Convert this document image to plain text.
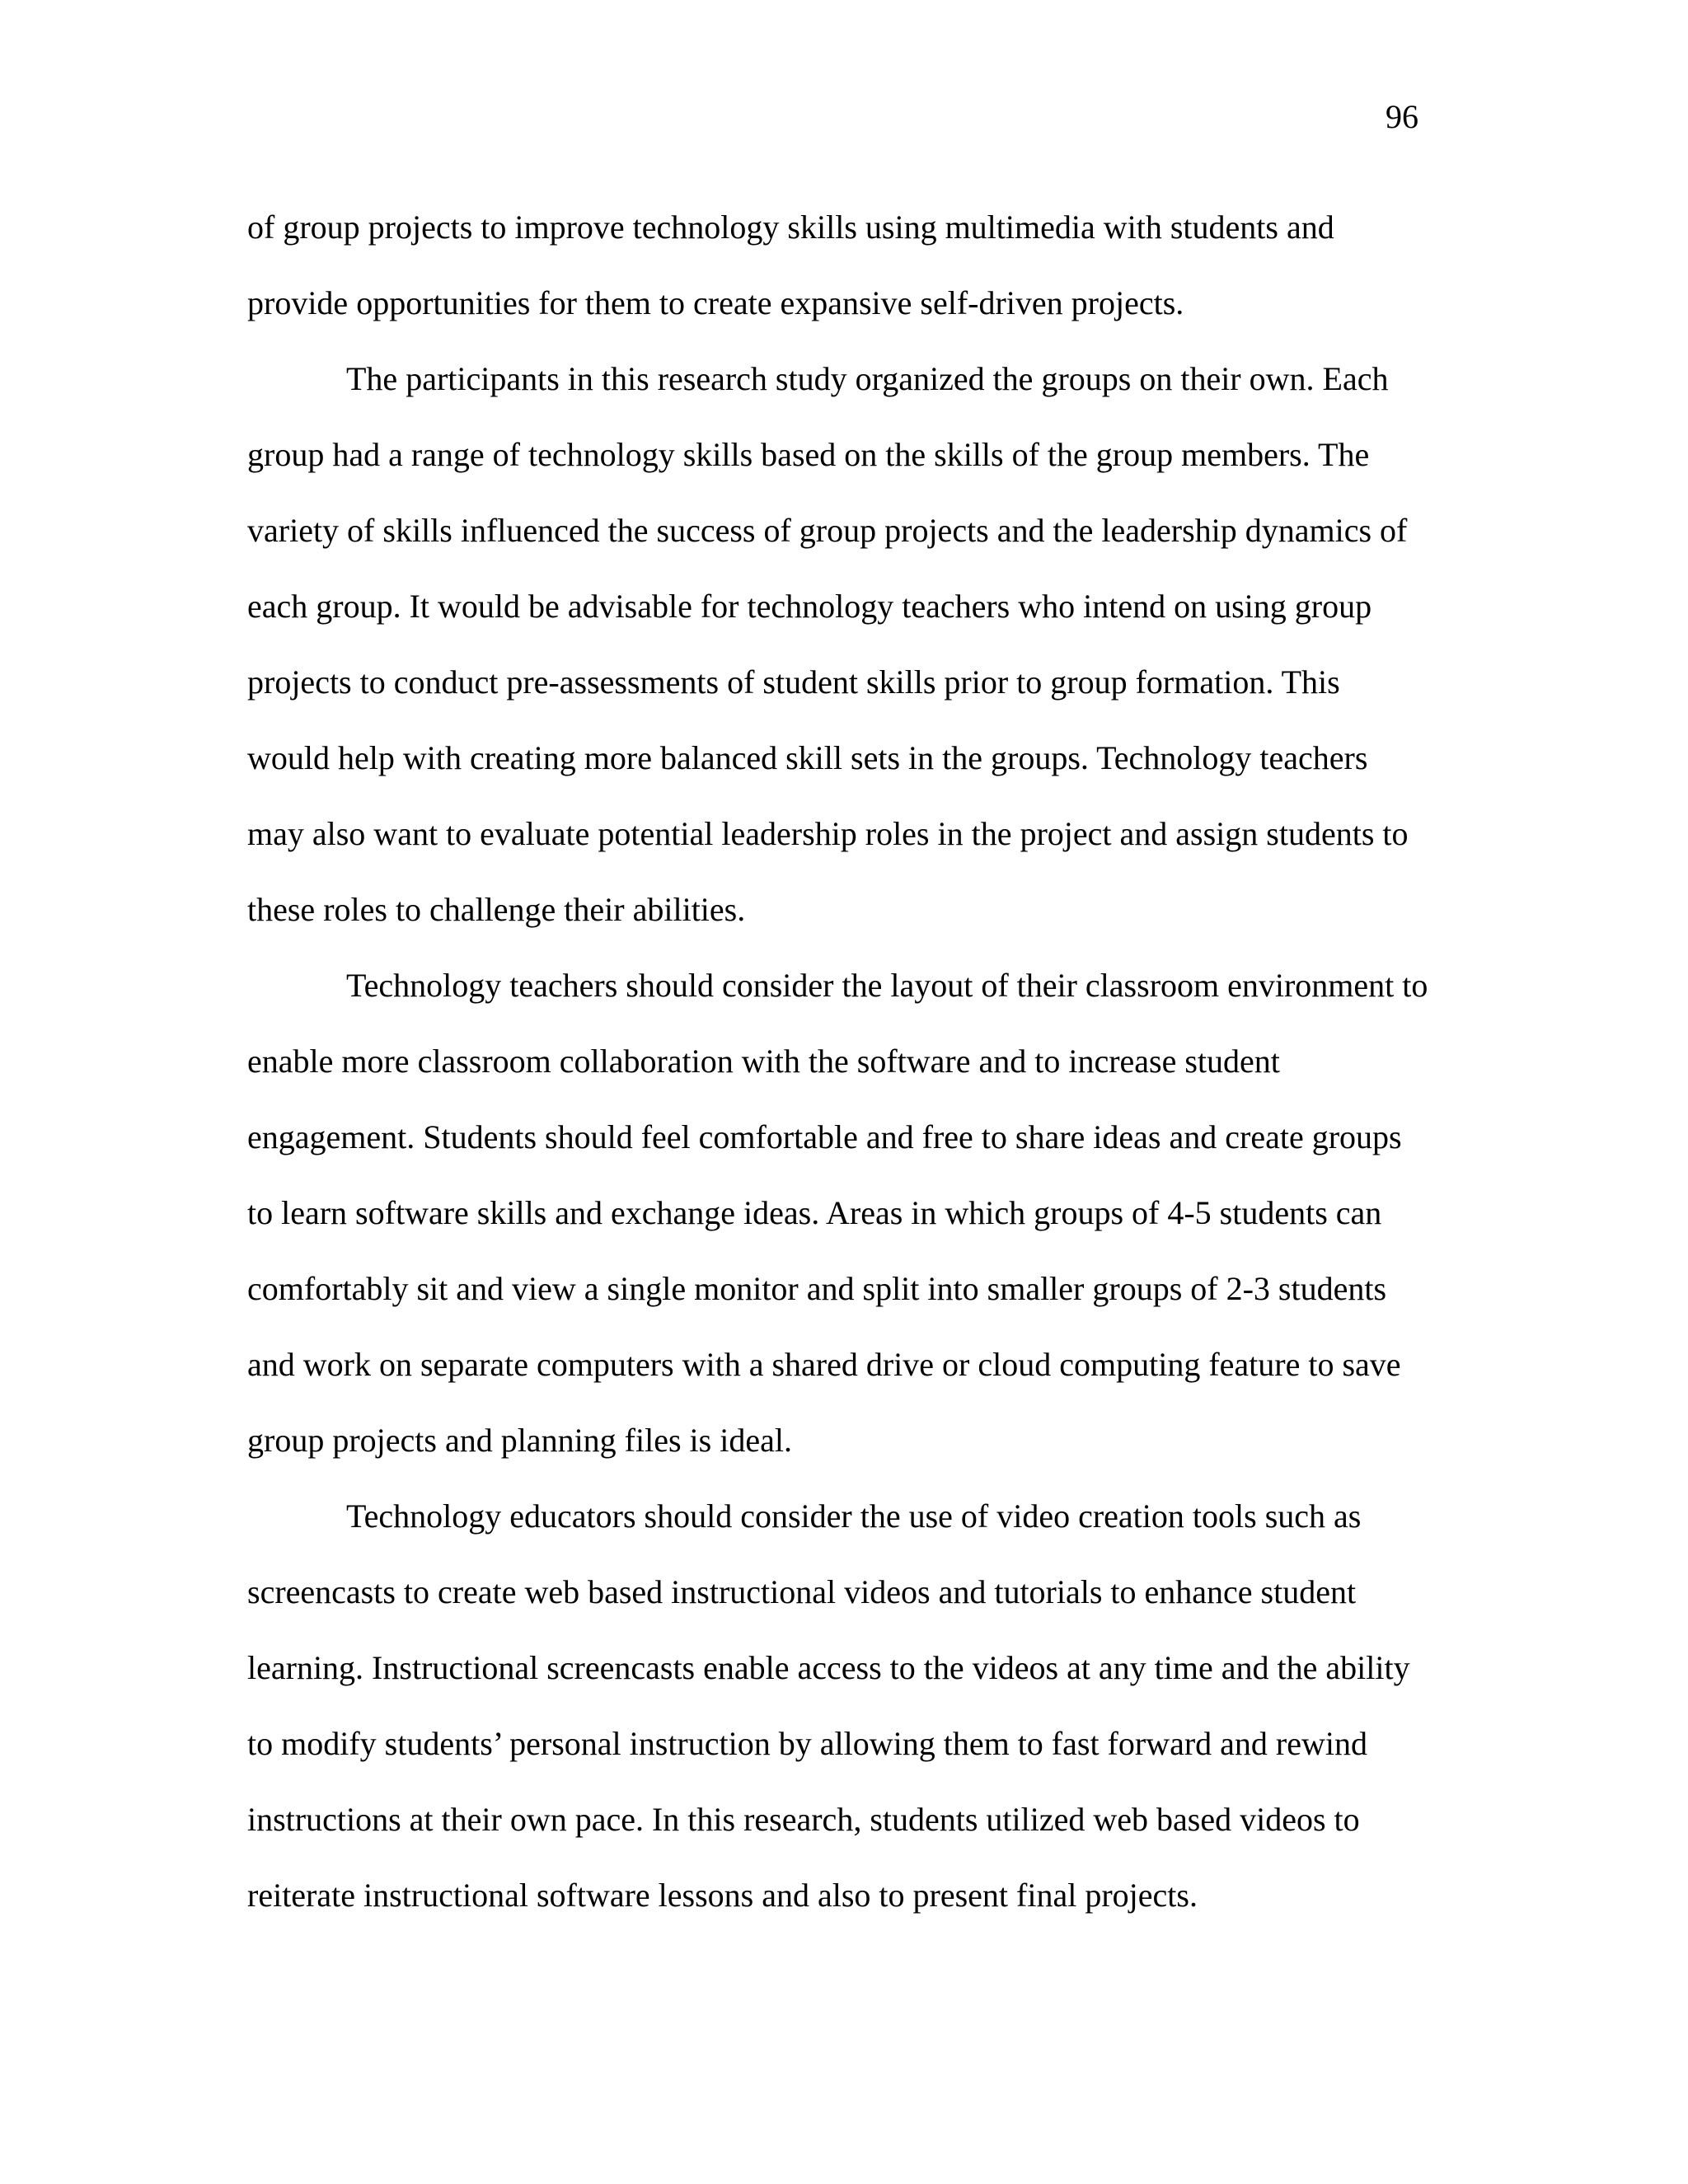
96

of group projects to improve technology skills using multimedia with students and

provide opportunities for them to create expansive self-driven projects.

The participants in this research study organized the groups on their own. Each

group had a range of technology skills based on the skills of the group members. The

variety of skills influenced the success of group projects and the leadership dynamics of

each group. It would be advisable for technology teachers who intend on using group

projects to conduct pre-assessments of student skills prior to group formation. This

would help with creating more balanced skill sets in the groups. Technology teachers

may also want to evaluate potential leadership roles in the project and assign students to

these roles to challenge their abilities.

Technology teachers should consider the layout of their classroom environment to

enable more classroom collaboration with the software and to increase student

engagement. Students should feel comfortable and free to share ideas and create groups

to learn software skills and exchange ideas. Areas in which groups of 4-5 students can

comfortably sit and view a single monitor and split into smaller groups of 2-3 students

and work on separate computers with a shared drive or cloud computing feature to save

group projects and planning files is ideal.

Technology educators should consider the use of video creation tools such as

screencasts to create web based instructional videos and tutorials to enhance student

learning. Instructional screencasts enable access to the videos at any time and the ability

to modify students’ personal instruction by allowing them to fast forward and rewind

instructions at their own pace. In this research, students utilized web based videos to

reiterate instructional software lessons and also to present final projects.
